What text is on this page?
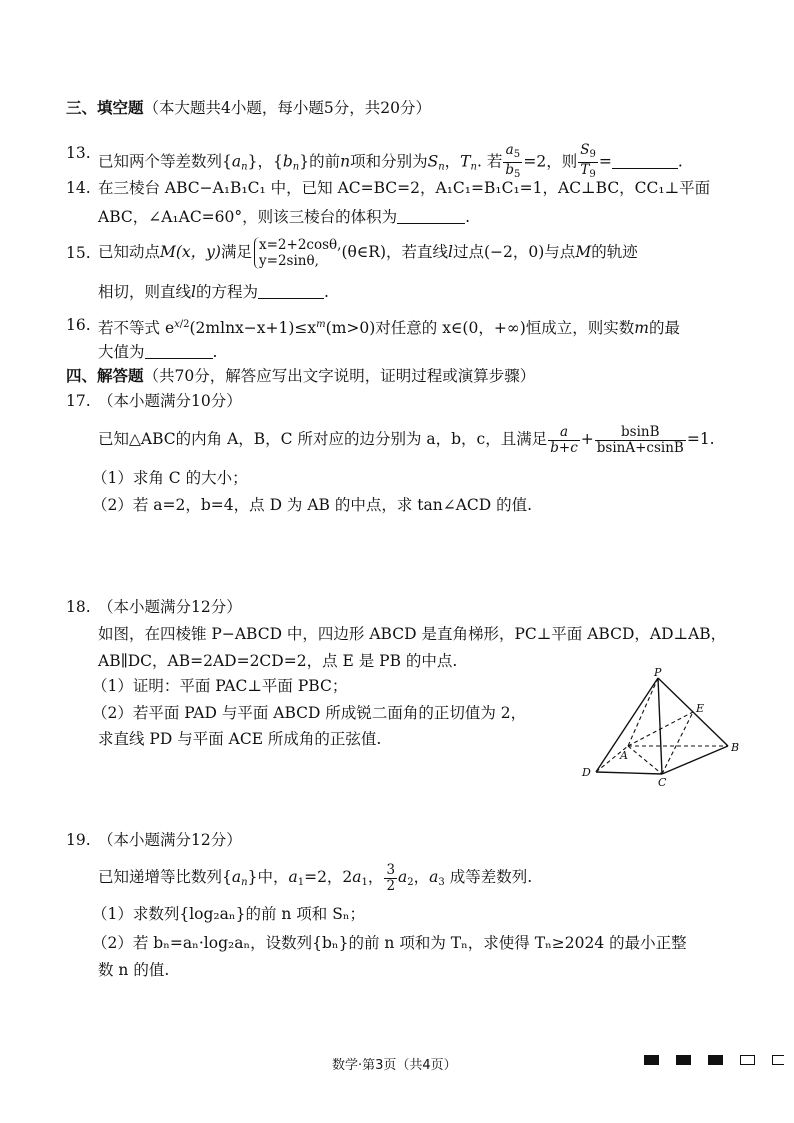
三、填空题（本大题共4小题，每小题5分，共20分）
13. 已知两个等差数列$\{a_n\}$，$\{b_n\}$的前n项和分别为$S_n$，$T_n$. 若 $\frac{a_5}{b_5} =2$，则 $\frac{S_9}{T_9}$ =	.
14. 在三棱台 ABC−A₁B₁C₁ 中，已知 AC=BC=2，A₁C₁=B₁C₁=1，AC⊥BC，CC₁⊥平面
ABC，∠A₁AC=60°，则该三棱台的体积为	.
15. 已知动点M(x，y)满足 x=2+2cosθ,
y=2sinθ,	(θ∈R)，若直线l过点(−2，0)与点M的轨迹
相切，则直线l的方程为	.
16. 若不等式 $e^{x/2}(2mlnx-x+1)\le x^m(m>0)$对任意的 x∈(0，+∞)恒成立，则实数m的最
大值为	.
四、解答题（共70分，解答应写出文字说明，证明过程或演算步骤）
17. （本小题满分10分）
已知△ABC的内角 A，B，C 所对应的边分别为 a，b，c，且满足 $\frac{a}{b+c} + \frac{bsinB}{bsinA+csinB} =1$.
（1）求角 C 的大小；
（2）若 a=2，b=4，点 D 为 AB 的中点，求 tan∠ACD 的值.
18. （本小题满分12分）
如图，在四棱锥 P−ABCD 中，四边形 ABCD 是直角梯形，PC⊥平面 ABCD，AD⊥AB，
AB∥DC，AB=2AD=2CD=2，点 E 是 PB 的中点.
（1）证明：平面 PAC⊥平面 PBC；
（2）若平面 PAD 与平面 ABCD 所成锐二面角的正切值为 2，
求直线 PD 与平面 ACE 所成角的正弦值.
P
E
A
B
C
D
19. （本小题满分12分）
已知递增等比数列$\{a_n\}$中，$a_1=2$，$2a_1$， $\frac{3}{2} a_2$，$a_3$ 成等差数列.
（1）求数列{log₂aₙ}的前 n 项和 Sₙ；
（2）若 bₙ=aₙ·log₂aₙ，设数列{bₙ}的前 n 项和为 Tₙ，求使得 Tₙ≥2024 的最小正整
数 n 的值.
数学·第3页（共4页）
